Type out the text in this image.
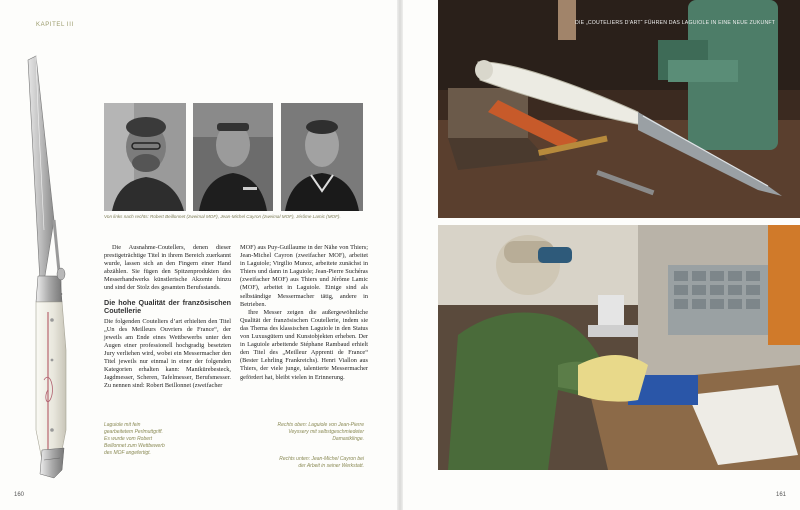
KAPITEL III
Von links nach rechts: Robert Beillonnet (zweimal MOF), Jean-Michel Cayron (zweimal MOF), Jérôme Lamic (MOF).

Die Ausnahme-Coutellers, denen dieser prestigeträchtige Titel in ihrem Bereich zuerkannt wurde, lassen sich an den Fingern einer Hand abzählen. Sie fügen den Spitzenprodukten des Messerhandwerks künstlerische Akzente hinzu und sind der Stolz des gesamten Berufsstands.

Die hohe Qualität der französischen Coutellerie

Die folgenden Couteliers d’art erhielten den Titel „Un des Meilleurs Ouvriers de France“, der jeweils am Ende eines Wettbewerbs unter den Augen einer professionell hochgradig besetzten Jury verliehen wird, wobei ein Messermacher den Titel jeweils nur einmal in einer der folgenden Kategorien erhalten kann: Manikürebesteck, Jagdmesser, Scheren, Tafelmesser, Berufsmesser. Zu nennen sind: Robert Beillonnet (zweifacher

MOF) aus Puy-Guillaume in der Nähe von Thiers; Jean-Michel Cayron (zweifacher MOF), arbeitet in Laguiole; Virgilio Munoz, arbeitete zunächst in Thiers und dann in Laguiole; Jean-Pierre Suchéras (zweifacher MOF) aus Thiers und Jérôme Lamic (MOF), arbeitet in Laguiole. Einige sind als selbständige Messermacher tätig, andere in Betrieben.

Ihre Messer zeigen die außergewöhnliche Qualität der französischen Coutellerie, indem sie das Thema des klassischen Laguiole in den Status von Luxusgütern und Kunstobjekten erheben. Der in Laguiole arbeitende Stéphane Rambaud erhielt den Titel des „Meilleur Apprenti de France“ (Bester Lehrling Frankreichs). Henri Viallon aus Thiers, der viele junge, talentierte Messermacher gefördert hat, bleibt vielen in Erinnerung.

Laguiole mit fein gearbeitetem Perlmuttgriff. Es wurde vom Robert Beillonnet zum Wettbewerb des MOF angefertigt.
Rechts oben: Laguiole von Jean-Pierre Veyssery mit selbstgeschmiedeter Damastklinge.
Rechts unten: Jean-Michel Cayron bei der Arbeit in seiner Werkstatt.
160
DIE „COUTELIERS D’ART“ FÜHREN DAS LAGUIOLE IN EINE NEUE ZUKUNFT
161
